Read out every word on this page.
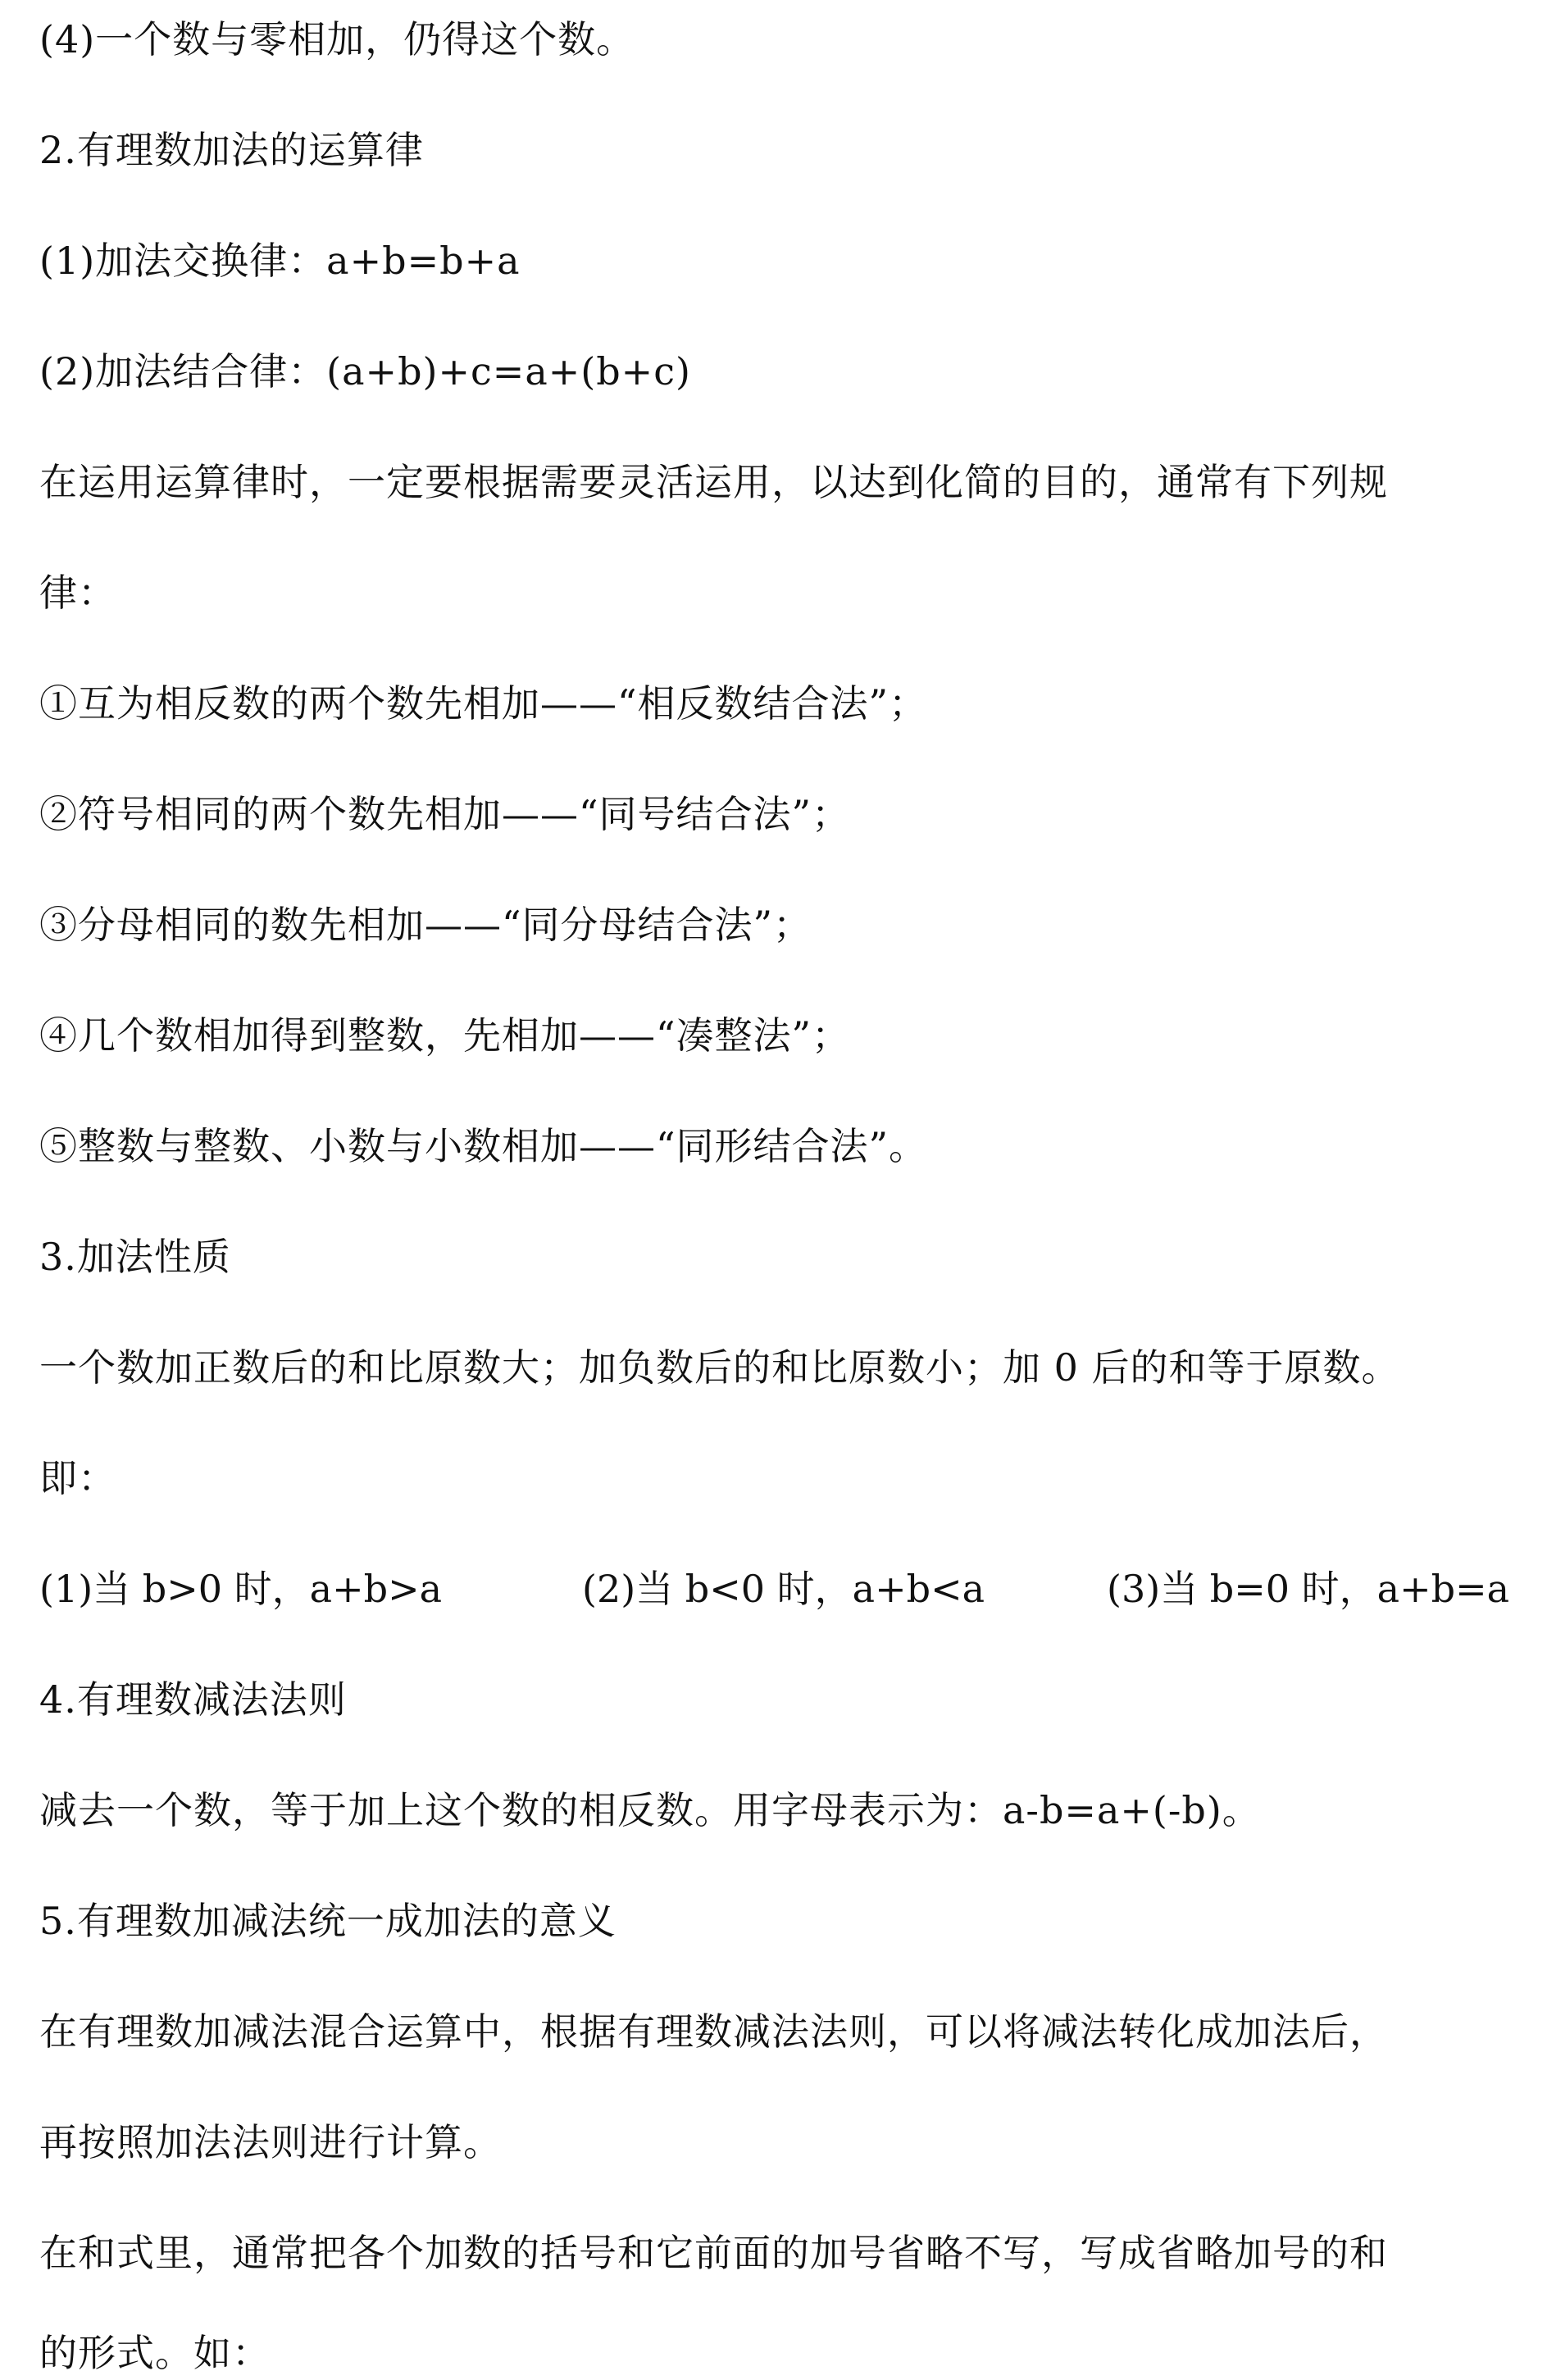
(4)一个数与零相加，仍得这个数。

2.有理数加法的运算律

(1)加法交换律：a+b=b+a

(2)加法结合律：(a+b)+c=a+(b+c)

在运用运算律时，一定要根据需要灵活运用，以达到化简的目的，通常有下列规

律：

①互为相反数的两个数先相加——“相反数结合法”；

②符号相同的两个数先相加——“同号结合法”；

③分母相同的数先相加——“同分母结合法”；

④几个数相加得到整数，先相加——“凑整法”；

⑤整数与整数、小数与小数相加——“同形结合法”。

3.加法性质

一个数加正数后的和比原数大；加负数后的和比原数小；加 0 后的和等于原数。

即：

(1)当 b>0 时，a+b>a	(2)当 b<0 时，a+b<a	(3)当 b=0 时，a+b=a

4.有理数减法法则

减去一个数，等于加上这个数的相反数。用字母表示为：a-b=a+(-b)。

5.有理数加减法统一成加法的意义

在有理数加减法混合运算中，根据有理数减法法则，可以将减法转化成加法后，

再按照加法法则进行计算。

在和式里，通常把各个加数的括号和它前面的加号省略不写，写成省略加号的和

的形式。如：
